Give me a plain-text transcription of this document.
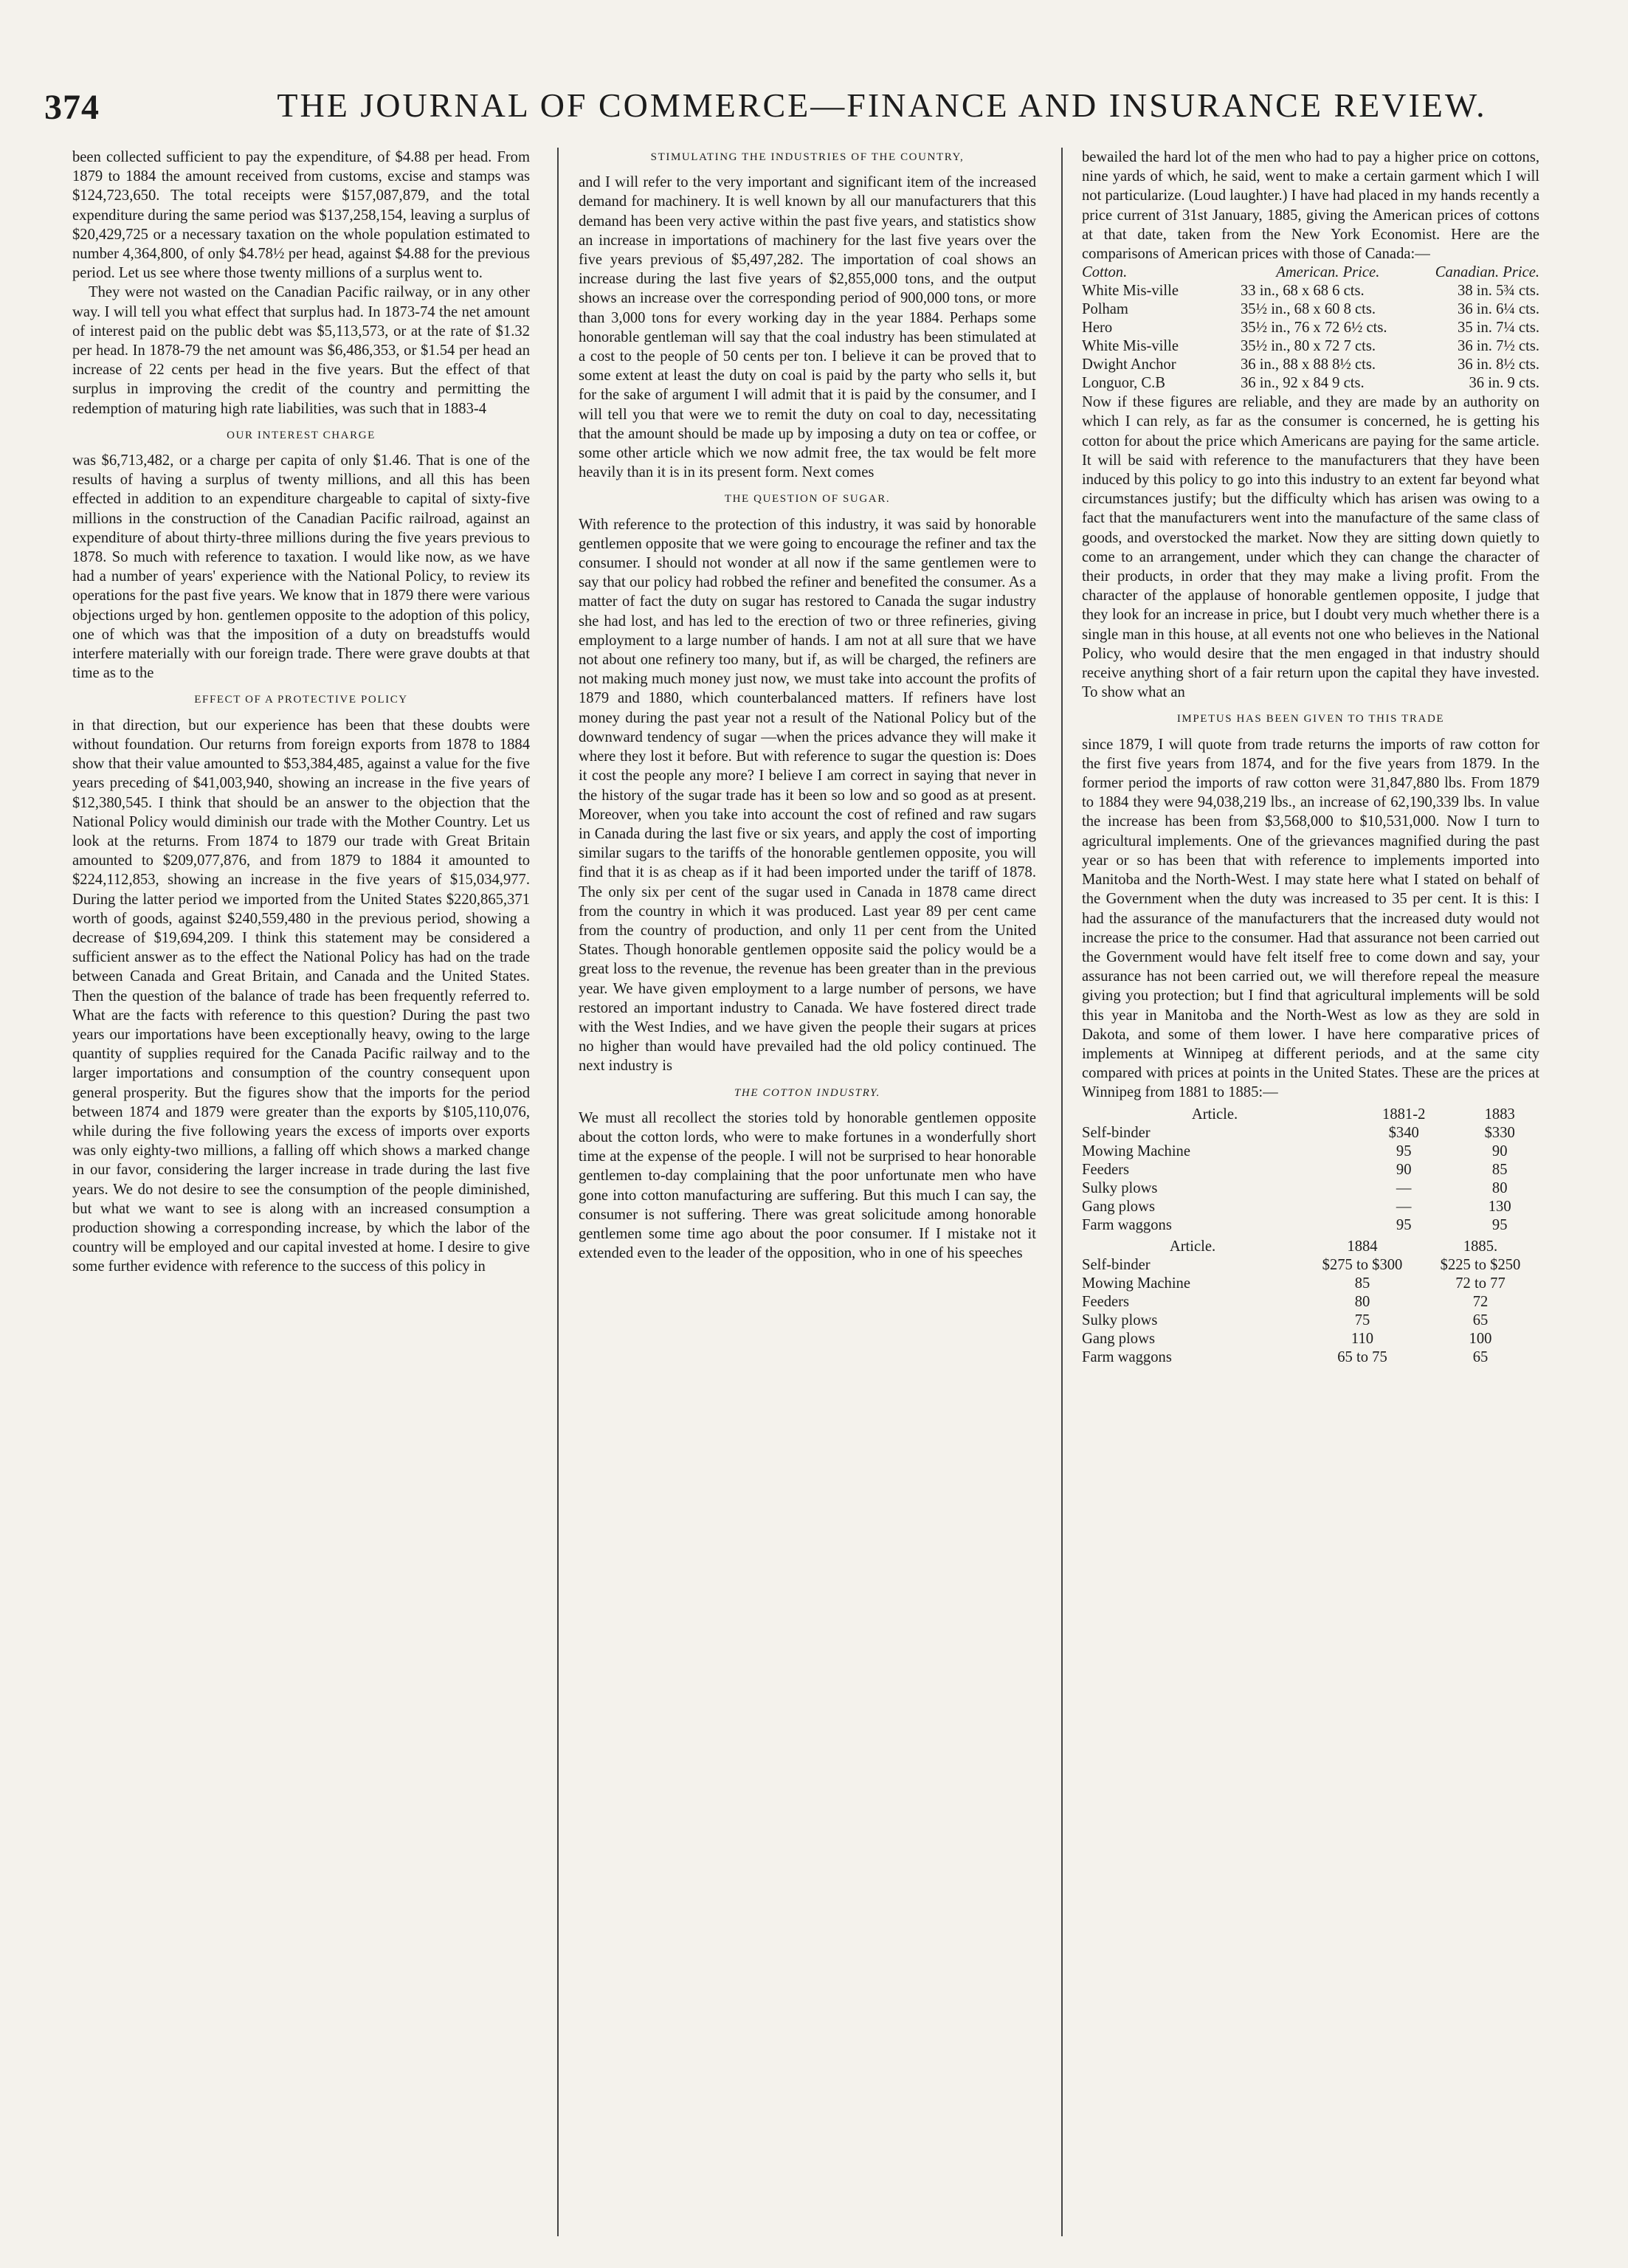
374	THE JOURNAL OF COMMERCE—FINANCE AND INSURANCE REVIEW.

been collected sufficient to pay the expenditure, of $4.88 per head. From 1879 to 1884 the amount received from customs, excise and stamps was $124,723,650. The total receipts were $157,087,879, and the total expenditure during the same period was $137,258,154, leaving a surplus of $20,429,725 or a necessary taxation on the whole population estimated to number 4,364,800, of only $4.78½ per head, against $4.88 for the previous period. Let us see where those twenty millions of a surplus went to.

They were not wasted on the Canadian Pacific railway, or in any other way. I will tell you what effect that surplus had. In 1873-74 the net amount of interest paid on the public debt was $5,113,573, or at the rate of $1.32 per head. In 1878-79 the net amount was $6,486,353, or $1.54 per head an increase of 22 cents per head in the five years. But the effect of that surplus in improving the credit of the country and permitting the redemption of maturing high rate liabilities, was such that in 1883-4

OUR INTEREST CHARGE

was $6,713,482, or a charge per capita of only $1.46. That is one of the results of having a surplus of twenty millions, and all this has been effected in addition to an expenditure chargeable to capital of sixty-five millions in the construction of the Canadian Pacific railroad, against an expenditure of about thirty-three millions during the five years previous to 1878. So much with reference to taxation. I would like now, as we have had a number of years' experience with the National Policy, to review its operations for the past five years. We know that in 1879 there were various objections urged by hon. gentlemen opposite to the adoption of this policy, one of which was that the imposition of a duty on breadstuffs would interfere materially with our foreign trade. There were grave doubts at that time as to the

EFFECT OF A PROTECTIVE POLICY

in that direction, but our experience has been that these doubts were without foundation. Our returns from foreign exports from 1878 to 1884 show that their value amounted to $53,384,485, against a value for the five years preceding of $41,003,940, showing an increase in the five years of $12,380,545. I think that should be an answer to the objection that the National Policy would diminish our trade with the Mother Country. Let us look at the returns. From 1874 to 1879 our trade with Great Britain amounted to $209,077,876, and from 1879 to 1884 it amounted to $224,112,853, showing an increase in the five years of $15,034,977. During the latter period we imported from the United States $220,865,371 worth of goods, against $240,559,480 in the previous period, showing a decrease of $19,694,209. I think this statement may be considered a sufficient answer as to the effect the National Policy has had on the trade between Canada and Great Britain, and Canada and the United States. Then the question of the balance of trade has been frequently referred to. What are the facts with reference to this question? During the past two years our importations have been exceptionally heavy, owing to the large quantity of supplies required for the Canada Pacific railway and to the larger importations and consumption of the country consequent upon general prosperity. But the figures show that the imports for the period between 1874 and 1879 were greater than the exports by $105,110,076, while during the five following years the excess of imports over exports was only eighty-two millions, a falling off which shows a marked change in our favor, considering the larger increase in trade during the last five years. We do not desire to see the consumption of the people diminished, but what we want to see is along with an increased consumption a production showing a corresponding increase, by which the labor of the country will be employed and our capital invested at home. I desire to give some further evidence with reference to the success of this policy in

STIMULATING THE INDUSTRIES OF THE COUNTRY,

and I will refer to the very important and significant item of the increased demand for machinery. It is well known by all our manufacturers that this demand has been very active within the past five years, and statistics show an increase in importations of machinery for the last five years over the five years previous of $5,497,282. The importation of coal shows an increase during the last five years of $2,855,000 tons, and the output shows an increase over the corresponding period of 900,000 tons, or more than 3,000 tons for every working day in the year 1884. Perhaps some honorable gentleman will say that the coal industry has been stimulated at a cost to the people of 50 cents per ton. I believe it can be proved that to some extent at least the duty on coal is paid by the party who sells it, but for the sake of argument I will admit that it is paid by the consumer, and I will tell you that were we to remit the duty on coal to day, necessitating that the amount should be made up by imposing a duty on tea or coffee, or some other article which we now admit free, the tax would be felt more heavily than it is in its present form. Next comes

THE QUESTION OF SUGAR.

With reference to the protection of this industry, it was said by honorable gentlemen opposite that we were going to encourage the refiner and tax the consumer. I should not wonder at all now if the same gentlemen were to say that our policy had robbed the refiner and benefited the consumer. As a matter of fact the duty on sugar has restored to Canada the sugar industry she had lost, and has led to the erection of two or three refineries, giving employment to a large number of hands. I am not at all sure that we have not about one refinery too many, but if, as will be charged, the refiners are not making much money just now, we must take into account the profits of 1879 and 1880, which counterbalanced matters. If refiners have lost money during the past year not a result of the National Policy but of the downward tendency of sugar —when the prices advance they will make it where they lost it before. But with reference to sugar the question is: Does it cost the people any more? I believe I am correct in saying that never in the history of the sugar trade has it been so low and so good as at present. Moreover, when you take into account the cost of refined and raw sugars in Canada during the last five or six years, and apply the cost of importing similar sugars to the tariffs of the honorable gentlemen opposite, you will find that it is as cheap as if it had been imported under the tariff of 1878. The only six per cent of the sugar used in Canada in 1878 came direct from the country in which it was produced. Last year 89 per cent came from the country of production, and only 11 per cent from the United States. Though honorable gentlemen opposite said the policy would be a great loss to the revenue, the revenue has been greater than in the previous year. We have given employment to a large number of persons, we have restored an important industry to Canada. We have fostered direct trade with the West Indies, and we have given the people their sugars at prices no higher than would have prevailed had the old policy continued. The next industry is

THE COTTON INDUSTRY.

We must all recollect the stories told by honorable gentlemen opposite about the cotton lords, who were to make fortunes in a wonderfully short time at the expense of the people. I will not be surprised to hear honorable gentlemen to-day complaining that the poor unfortunate men who have gone into cotton manufacturing are suffering. But this much I can say, the consumer is not suffering. There was great solicitude among honorable gentlemen some time ago about the poor consumer. If I mistake not it extended even to the leader of the opposition, who in one of his speeches

bewailed the hard lot of the men who had to pay a higher price on cottons, nine yards of which, he said, went to make a certain garment which I will not particularize. (Loud laughter.) I have had placed in my hands recently a price current of 31st January, 1885, giving the American prices of cottons at that date, taken from the New York Economist. Here are the comparisons of American prices with those of Canada:—

Cotton.	American. Price.	Canadian. Price.
White Mis-ville	33 in., 68 x 68 6 cts.	38 in. 5¾ cts.
Polham	35½ in., 68 x 60 8 cts.	36 in. 6¼ cts.
Hero	35½ in., 76 x 72 6½ cts.	35 in. 7¼ cts.
White Mis-ville	35½ in., 80 x 72 7 cts.	36 in. 7½ cts.
Dwight Anchor	36 in., 88 x 88 8½ cts.	36 in. 8½ cts.
Longuor, C.B	36 in., 92 x 84 9 cts.	36 in. 9 cts.

Now if these figures are reliable, and they are made by an authority on which I can rely, as far as the consumer is concerned, he is getting his cotton for about the price which Americans are paying for the same article. It will be said with reference to the manufacturers that they have been induced by this policy to go into this industry to an extent far beyond what circumstances justify; but the difficulty which has arisen was owing to a fact that the manufacturers went into the manufacture of the same class of goods, and overstocked the market. Now they are sitting down quietly to come to an arrangement, under which they can change the character of their products, in order that they may make a living profit. From the character of the applause of honorable gentlemen opposite, I judge that they look for an increase in price, but I doubt very much whether there is a single man in this house, at all events not one who believes in the National Policy, who would desire that the men engaged in that industry should receive anything short of a fair return upon the capital they have invested. To show what an

IMPETUS HAS BEEN GIVEN TO THIS TRADE

since 1879, I will quote from trade returns the imports of raw cotton for the first five years from 1874, and for the five years from 1879. In the former period the imports of raw cotton were 31,847,880 lbs. From 1879 to 1884 they were 94,038,219 lbs., an increase of 62,190,339 lbs. In value the increase has been from $3,568,000 to $10,531,000. Now I turn to agricultural implements. One of the grievances magnified during the past year or so has been that with reference to implements imported into Manitoba and the North-West. I may state here what I stated on behalf of the Government when the duty was increased to 35 per cent. It is this: I had the assurance of the manufacturers that the increased duty would not increase the price to the consumer. Had that assurance not been carried out the Government would have felt itself free to come down and say, your assurance has not been carried out, we will therefore repeal the measure giving you protection; but I find that agricultural implements will be sold this year in Manitoba and the North-West as low as they are sold in Dakota, and some of them lower. I have here comparative prices of implements at Winnipeg at different periods, and at the same city compared with prices at points in the United States. These are the prices at Winnipeg from 1881 to 1885:—

Article.	1881-2	1883
Self-binder	$340	$330
Mowing Machine	95	90
Feeders	90	85
Sulky plows	—	80
Gang plows	—	130
Farm waggons	95	95
Article.	1884	1885.
Self-binder	$275 to $300	$225 to $250
Mowing Machine	85	72 to 77
Feeders	80	72
Sulky plows	75	65
Gang plows	110	100
Farm waggons	65 to 75	65
